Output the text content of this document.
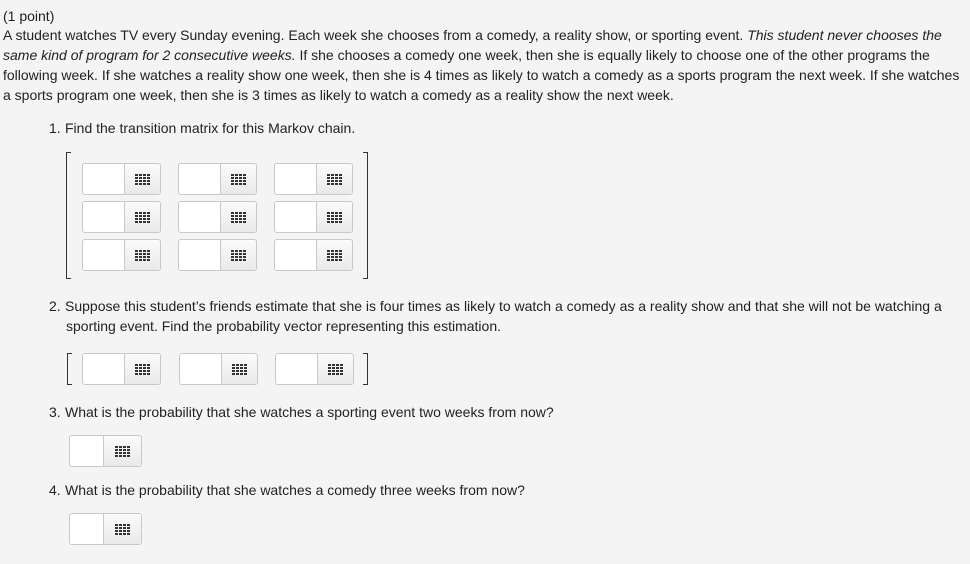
(1 point)
A student watches TV every Sunday evening. Each week she chooses from a comedy, a reality show, or sporting event. This student never chooses the same kind of program for 2 consecutive weeks. If she chooses a comedy one week, then she is equally likely to choose one of the other programs the following week. If she watches a reality show one week, then she is 4 times as likely to watch a comedy as a sports program the next week. If she watches a sports program one week, then she is 3 times as likely to watch a comedy as a reality show the next week.
1. Find the transition matrix for this Markov chain.
2. Suppose this student’s friends estimate that she is four times as likely to watch a comedy as a reality show and that she will not be watching a
sporting event. Find the probability vector representing this estimation.
3. What is the probability that she watches a sporting event two weeks from now?
4. What is the probability that she watches a comedy three weeks from now?
